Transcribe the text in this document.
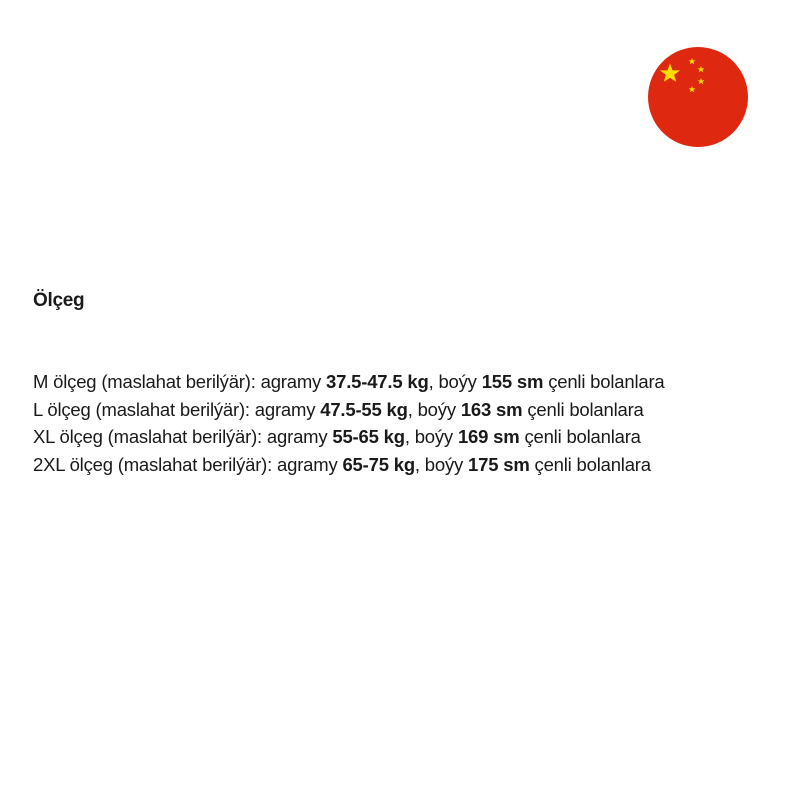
Ölçeg
M ölçeg (maslahat berilýär): agramy 37.5-47.5 kg, boýy 155 sm çenli bolanlara
L ölçeg (maslahat berilýär): agramy 47.5-55 kg, boýy 163 sm çenli bolanlara
XL ölçeg (maslahat berilýär): agramy 55-65 kg, boýy 169 sm çenli bolanlara
2XL ölçeg (maslahat berilýär): agramy 65-75 kg, boýy 175 sm çenli bolanlara
